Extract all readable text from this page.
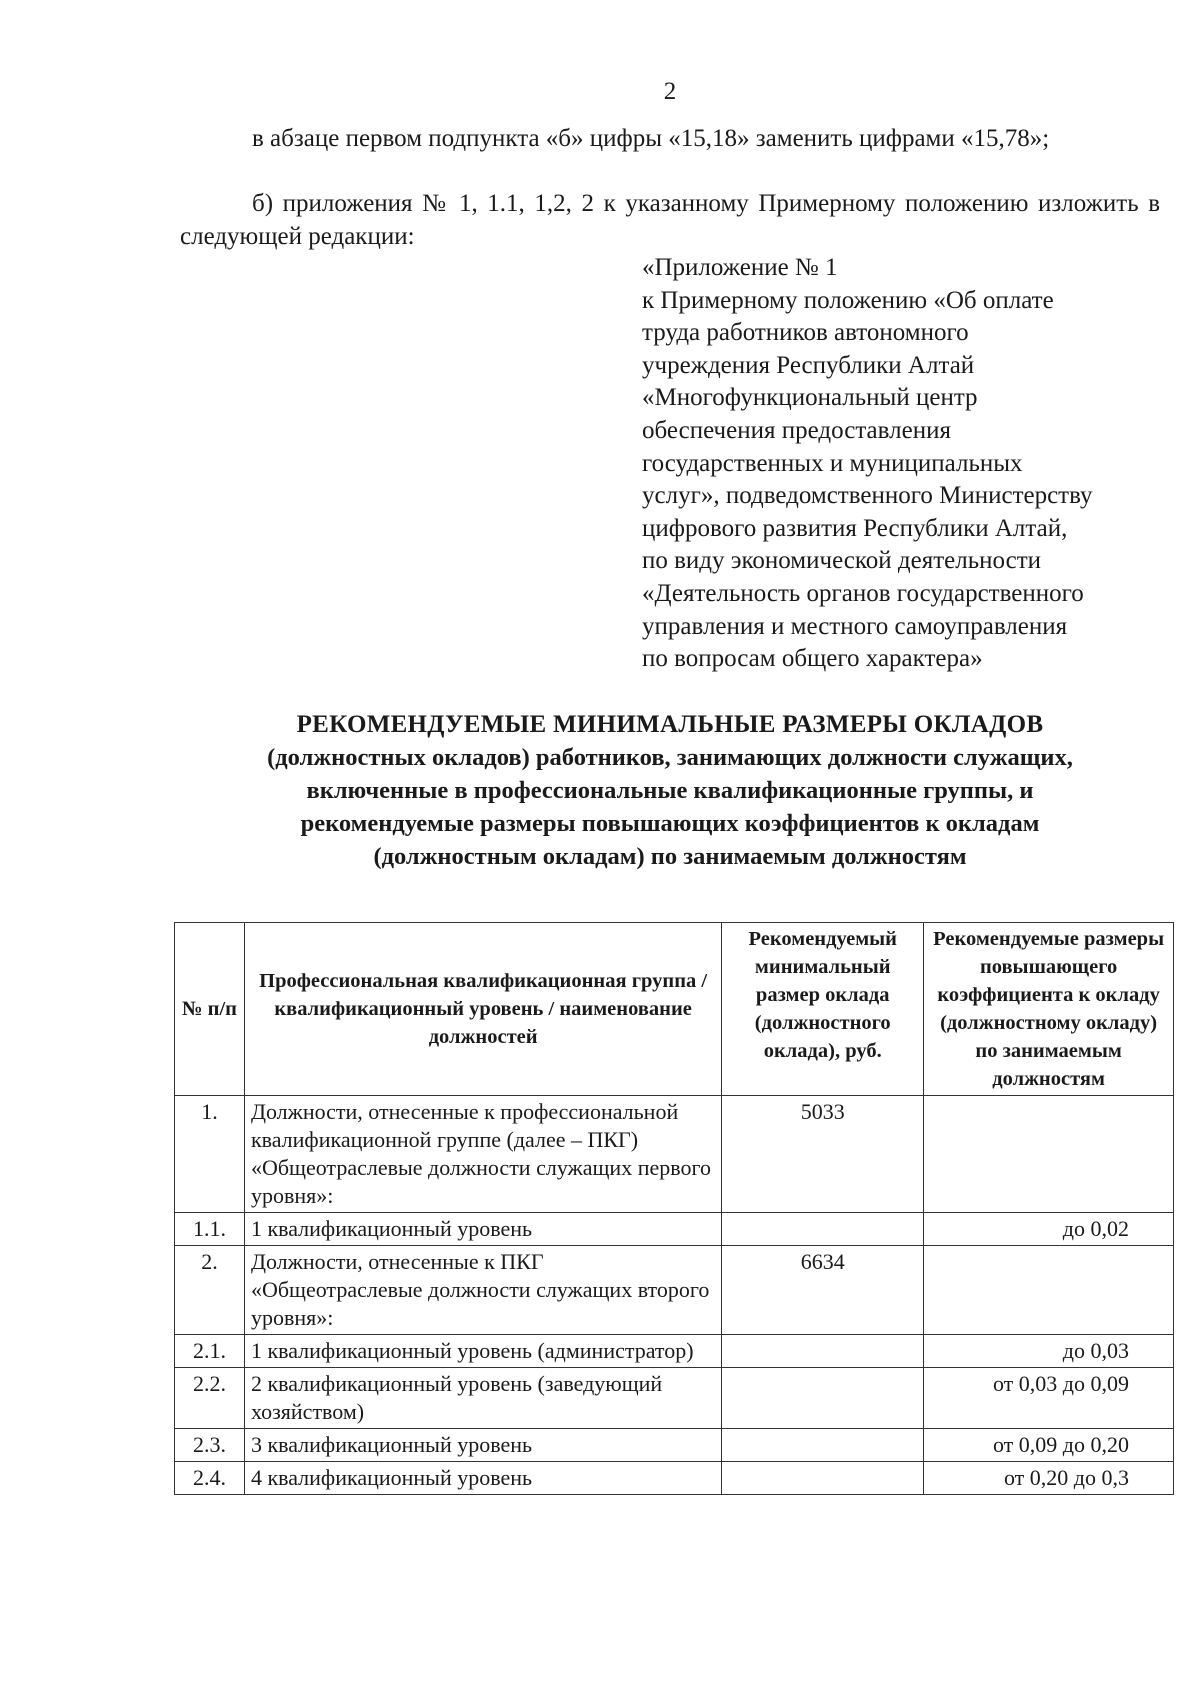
2
в абзаце первом подпункта «б» цифры «15,18» заменить цифрами «15,78»;
б) приложения № 1, 1.1, 1,2, 2 к указанному Примерному положению изложить в следующей редакции:
«Приложение № 1
к Примерному положению «Об оплате
труда работников автономного
учреждения Республики Алтай
«Многофункциональный центр
обеспечения предоставления
государственных и муниципальных
услуг», подведомственного Министерству
цифрового развития Республики Алтай,
по виду экономической деятельности
«Деятельность органов государственного
управления и местного самоуправления
по вопросам общего характера»
РЕКОМЕНДУЕМЫЕ МИНИМАЛЬНЫЕ РАЗМЕРЫ ОКЛАДОВ
(должностных окладов) работников, занимающих должности служащих,
включенные в профессиональные квалификационные группы, и
рекомендуемые размеры повышающих коэффициентов к окладам
(должностным окладам) по занимаемым должностям
№ п/п	Профессиональная квалификационная группа / квалификационный уровень / наименование должностей	Рекомендуемый минимальный размер оклада (должностного оклада), руб.	Рекомендуемые размеры повышающего коэффициента к окладу (должностному окладу) по занимаемым должностям
1.	Должности, отнесенные к профессиональной квалификационной группе (далее – ПКГ) «Общеотраслевые должности служащих первого уровня»:	5033	
1.1.	1 квалификационный уровень		до 0,02
2.	Должности, отнесенные к ПКГ «Общеотраслевые должности служащих второго уровня»:	6634	
2.1.	1 квалификационный уровень (администратор)		до 0,03
2.2.	2 квалификационный уровень (заведующий хозяйством)		от 0,03 до 0,09
2.3.	3 квалификационный уровень		от 0,09 до 0,20
2.4.	4 квалификационный уровень		от 0,20 до 0,3
